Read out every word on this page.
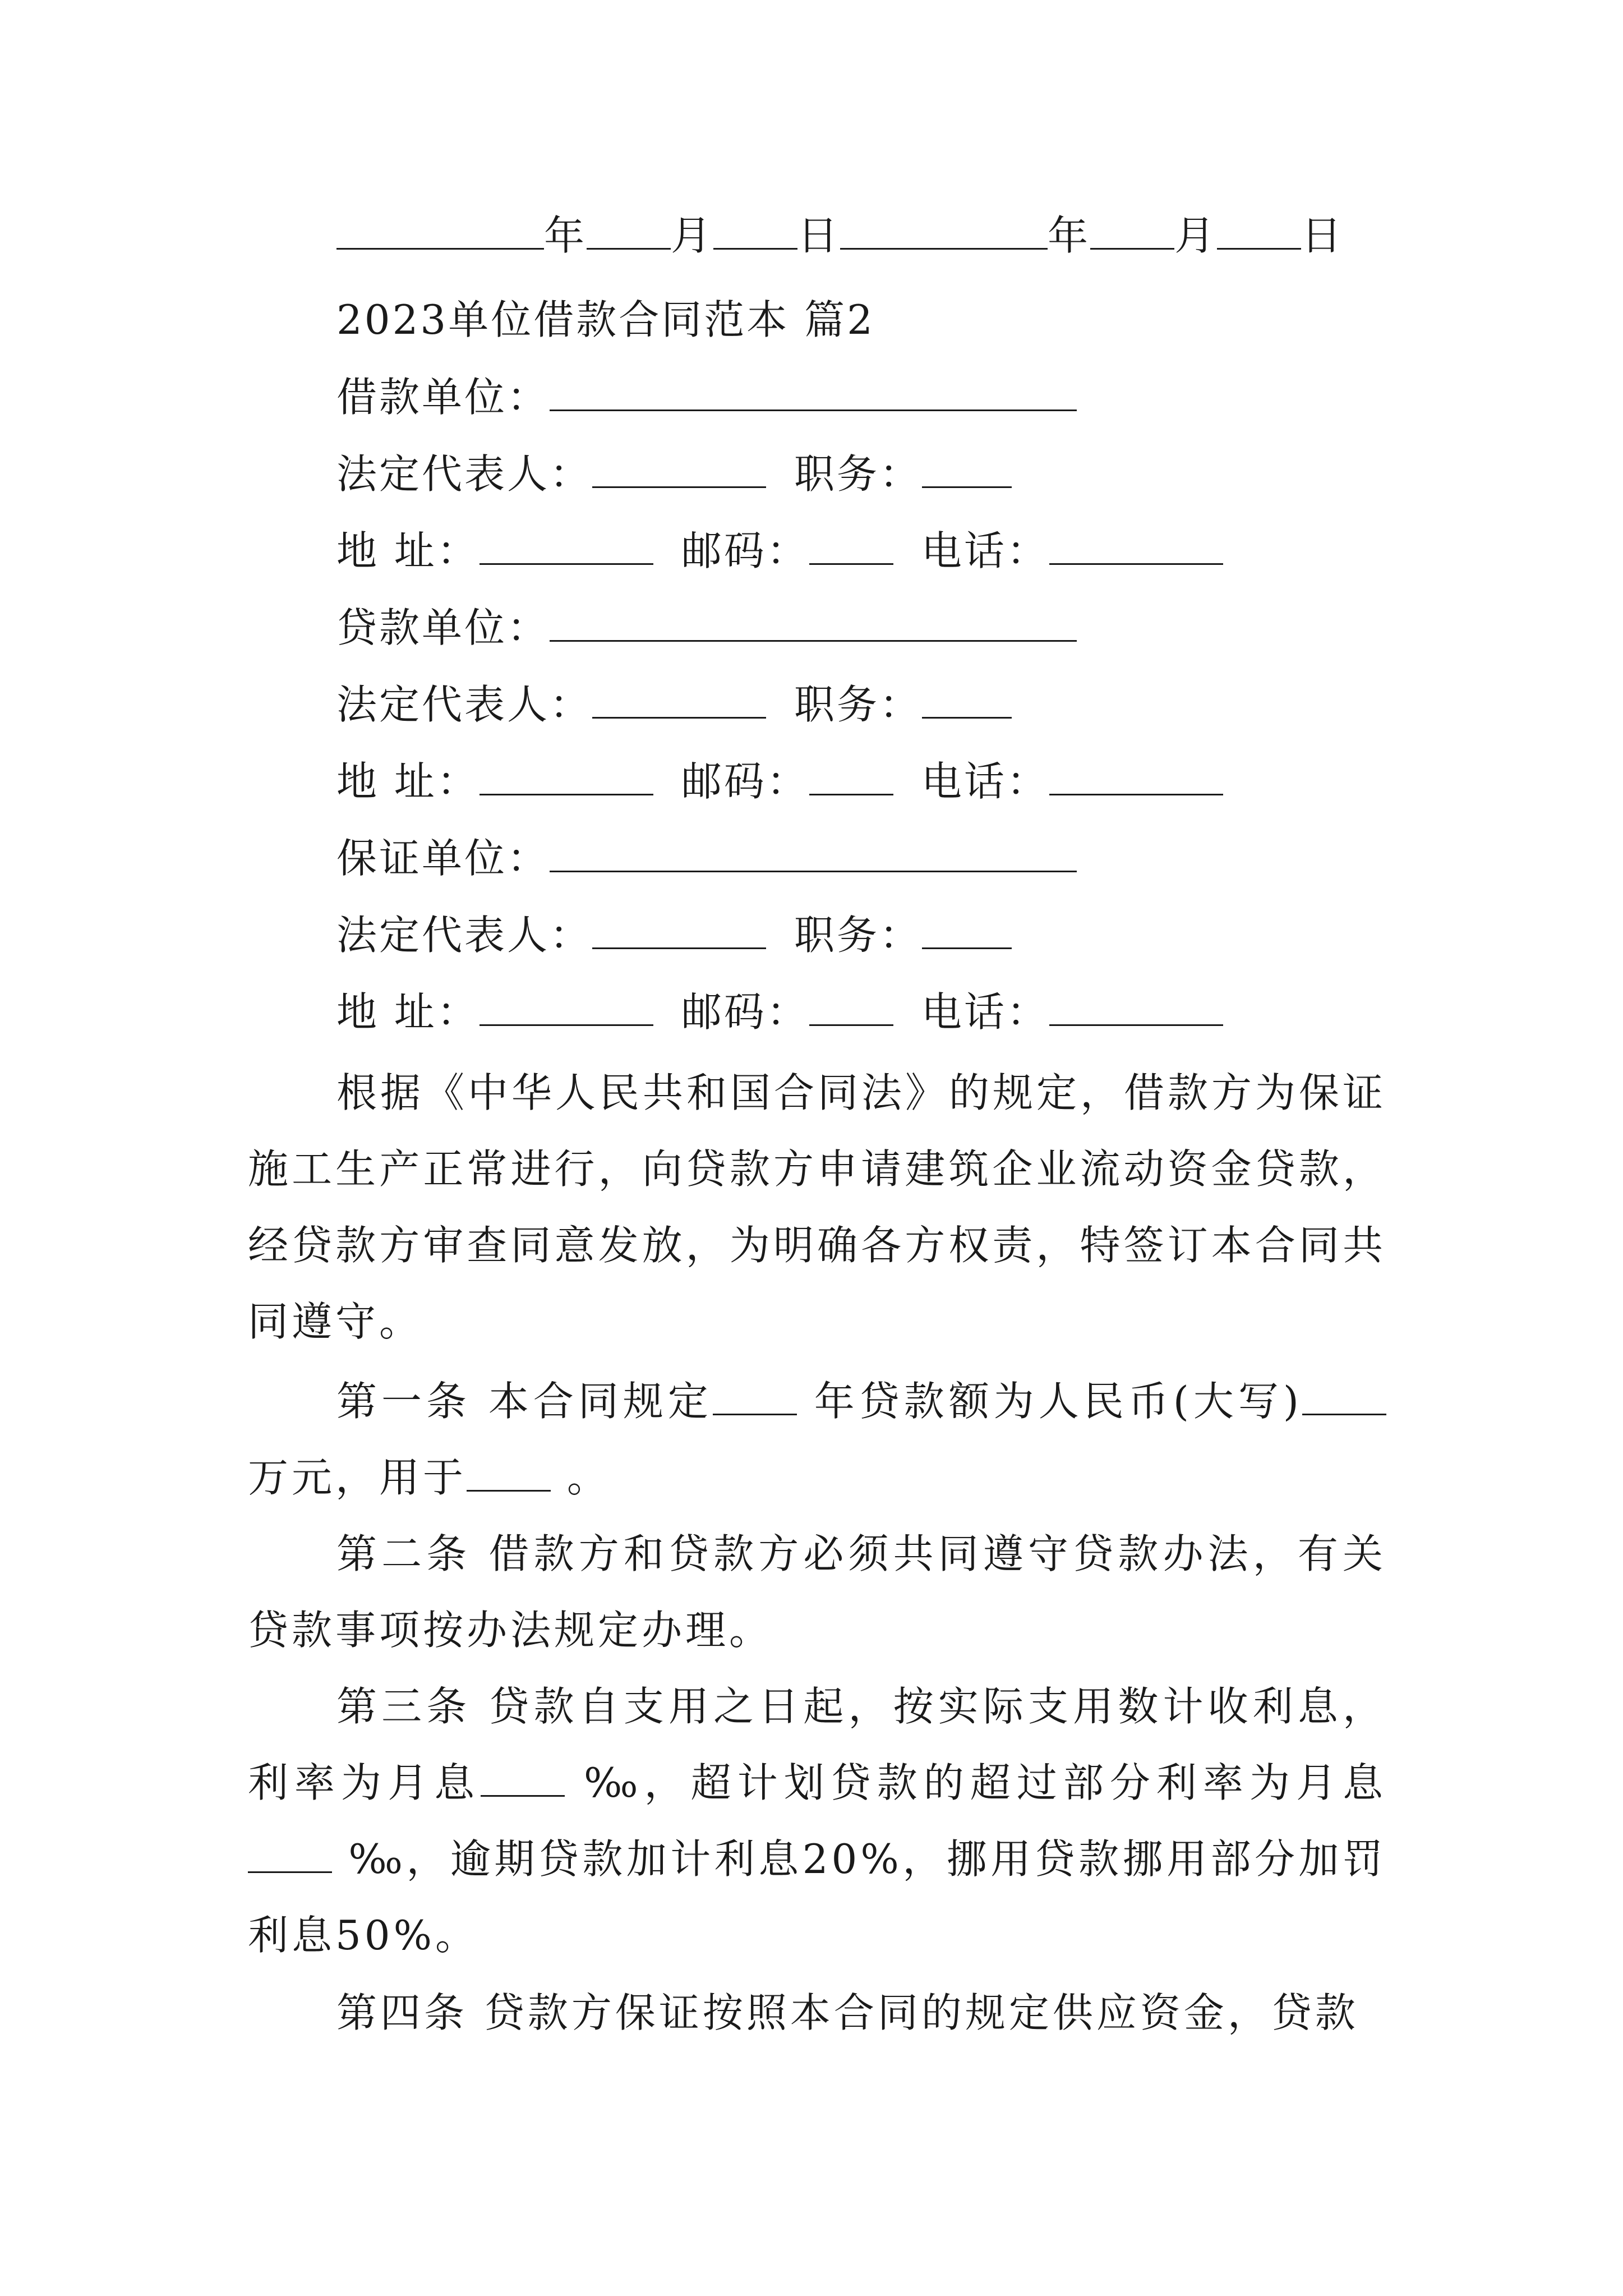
年 月 日	年 月 日
2023单位借款合同范本 篇2
借款单位：
法定代表人：	职务：
地 址：	邮码：	电话：
贷款单位：
法定代表人：	职务：
地 址：	邮码：	电话：
保证单位：
法定代表人：	职务：
地 址：	邮码：	电话：
根据《中华人民共和国合同法》的规定，借款方为保证施工生产正常进行，向贷款方申请建筑企业流动资金贷款，经贷款方审查同意发放，为明确各方权责，特签订本合同共同遵守。
第一条 本合同规定 年贷款额为人民币(大写)万元，用于 。
第二条 借款方和贷款方必须共同遵守贷款办法，有关贷款事项按办法规定办理。
第三条 贷款自支用之日起，按实际支用数计收利息，利率为月息 ‰，超计划贷款的超过部分利率为月息 ‰，逾期贷款加计利息20%，挪用贷款挪用部分加罚利息50%。
第四条 贷款方保证按照本合同的规定供应资金，贷款
